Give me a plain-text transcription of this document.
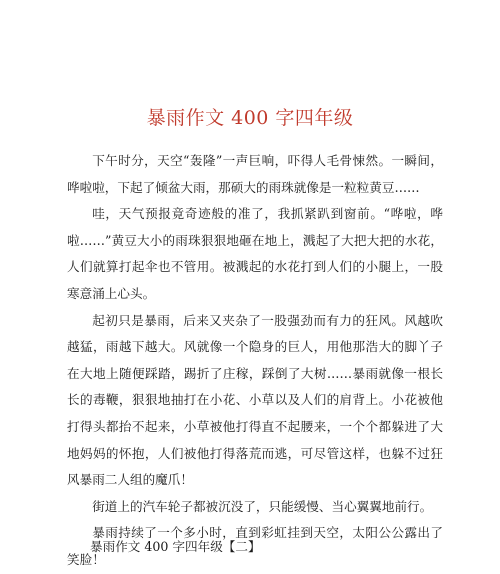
暴雨作文 400 字四年级

下午时分，天空“轰隆”一声巨响，吓得人毛骨悚然。一瞬间，哗啦啦，下起了倾盆大雨，那硕大的雨珠就像是一粒粒黄豆……

哇，天气预报竟奇迹般的准了，我抓紧趴到窗前。“哗啦，哗啦……”黄豆大小的雨珠狠狠地砸在地上，溅起了大把大把的水花，人们就算打起伞也不管用。被溅起的水花打到人们的小腿上，一股寒意涌上心头。

起初只是暴雨，后来又夹杂了一股强劲而有力的狂风。风越吹越猛，雨越下越大。风就像一个隐身的巨人，用他那浩大的脚丫子在大地上随便踩踏，踢折了庄稼，踩倒了大树……暴雨就像一根长长的毒鞭，狠狠地抽打在小花、小草以及人们的肩背上。小花被他打得头都抬不起来，小草被他打得直不起腰来，一个个都躲进了大地妈妈的怀抱，人们被他打得落荒而逃，可尽管这样，也躲不过狂风暴雨二人组的魔爪！

街道上的汽车轮子都被沉没了，只能缓慢、当心翼翼地前行。

暴雨持续了一个多小时，直到彩虹挂到天空，太阳公公露出了笑脸！

暴雨作文 400 字四年级【二】
